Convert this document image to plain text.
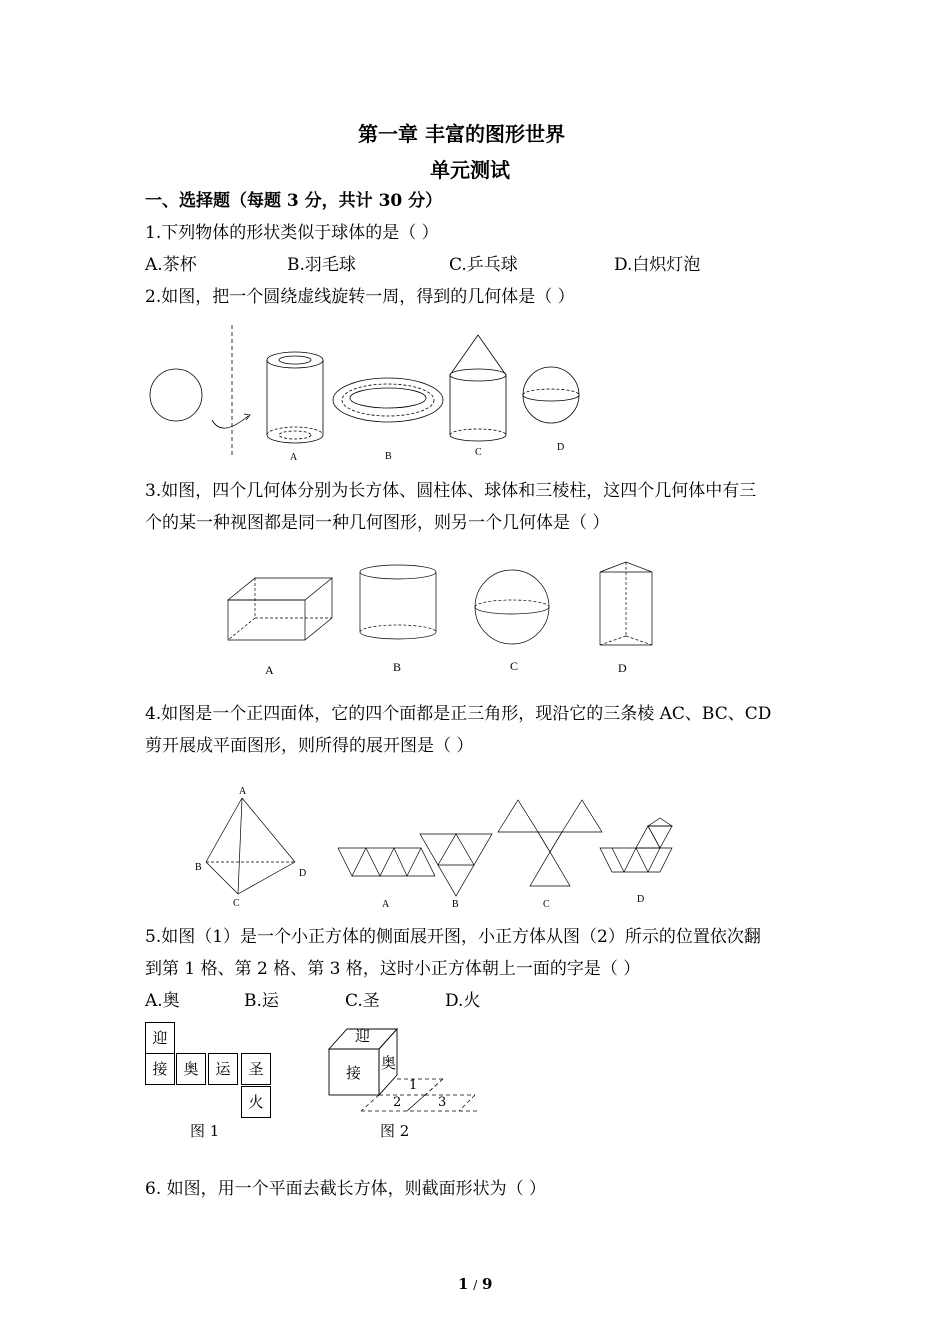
第一章 丰富的图形世界
单元测试
一、选择题（每题 3 分，共计 30 分）
1.下列物体的形状类似于球体的是（ ）
A.茶杯	B.羽毛球	C.乒乓球	D.白炽灯泡
2.如图，把一个圆绕虚线旋转一周，得到的几何体是（ ）
A	B	C	D
3.如图，四个几何体分别为长方体、圆柱体、球体和三棱柱，这四个几何体中有三
个的某一种视图都是同一种几何图形，则另一个几何体是（ ）
A	B	C	D
4.如图是一个正四面体，它的四个面都是正三角形，现沿它的三条棱 AC、BC、CD
剪开展成平面图形，则所得的展开图是（ ）
A
B
C
D
A	B	C	D
5.如图（1）是一个小正方体的侧面展开图，小正方体从图（2）所示的位置依次翻
到第 1 格、第 2 格、第 3 格，这时小正方体朝上一面的字是（ ）
A.奥	B.运	C.圣	D.火
迎
接	奥	运	圣
火
图 1
迎
接
奥
1
2	3
图 2
6. 如图，用一个平面去截长方体，则截面形状为（ ）
1 / 9
